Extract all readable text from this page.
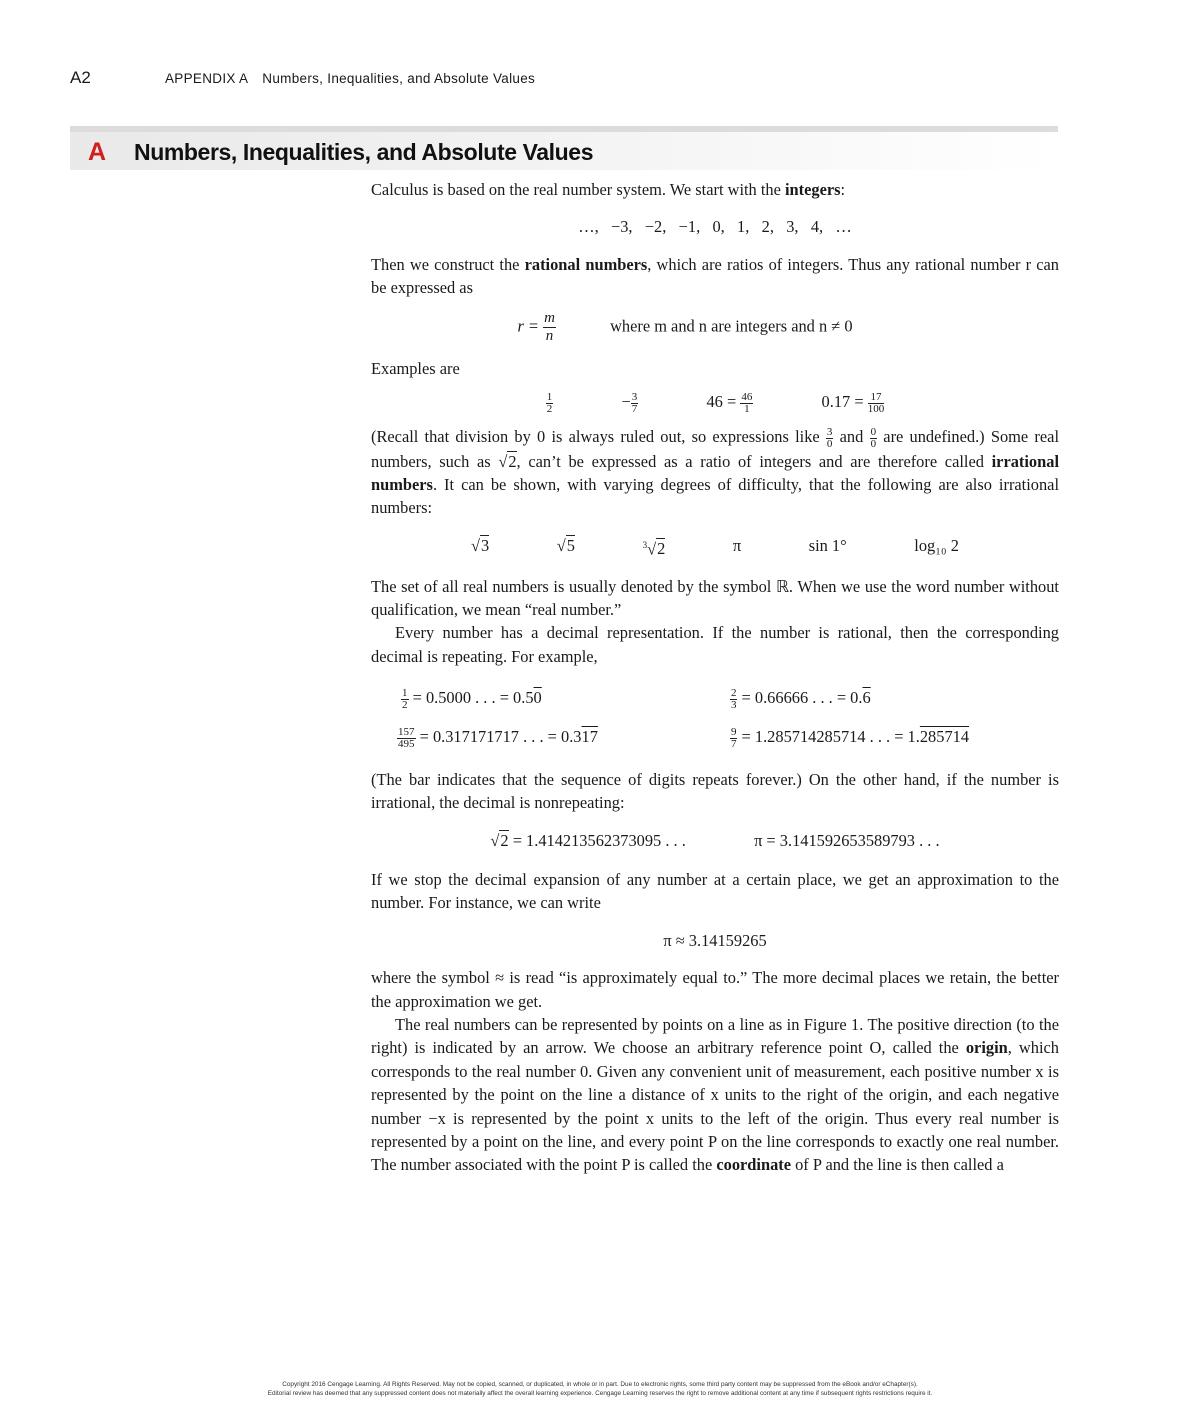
A2	APPENDIX A Numbers, Inequalities, and Absolute Values
A Numbers, Inequalities, and Absolute Values

Calculus is based on the real number system. We start with the integers:

…,   −3,   −2,   −1,   0,   1,   2,   3,   4,   …

Then we construct the rational numbers, which are ratios of integers. Thus any rational number r can be expressed as

$r = \frac{m}{n}$	where m and n are integers and n ≠ 0

Examples are

$\frac{1}{2}$	− $\frac{3}{7}$	$46 = \frac{46}{1}$	$0.17 = \frac{17}{100}$

(Recall that division by 0 is always ruled out, so expressions like $\frac{3}{0}$ and $\frac{0}{0}$ are undefined.) Some real numbers, such as √2, can’t be expressed as a ratio of integers and are therefore called irrational numbers. It can be shown, with varying degrees of difficulty, that the following are also irrational numbers:

√3	√5	$^3$√2	π	sin 1°	log₁₀ 2

The set of all real numbers is usually denoted by the symbol ℝ. When we use the word number without qualification, we mean “real number.”

Every number has a decimal representation. If the number is rational, then the corresponding decimal is repeating. For example,

$\frac{1}{2} = 0.5000$ . . . = 0.50	$\frac{2}{3} = 0.66666$ . . . = 0.6
$\frac{157}{495} = 0.317171717$ . . . = 0.317	$\frac{9}{7} = 1.285714285714$ . . . = 1.285714

(The bar indicates that the sequence of digits repeats forever.) On the other hand, if the number is irrational, the decimal is nonrepeating:

√2 = 1.414213562373095 . . .	π = 3.141592653589793 . . .

If we stop the decimal expansion of any number at a certain place, we get an approximation to the number. For instance, we can write

π ≈ 3.14159265

where the symbol ≈ is read “is approximately equal to.” The more decimal places we retain, the better the approximation we get.

The real numbers can be represented by points on a line as in Figure 1. The positive direction (to the right) is indicated by an arrow. We choose an arbitrary reference point O, called the origin, which corresponds to the real number 0. Given any convenient unit of measurement, each positive number x is represented by the point on the line a distance of x units to the right of the origin, and each negative number −x is represented by the point x units to the left of the origin. Thus every real number is represented by a point on the line, and every point P on the line corresponds to exactly one real number. The number associated with the point P is called the coordinate of P and the line is then called a

Copyright 2016 Cengage Learning. All Rights Reserved. May not be copied, scanned, or duplicated, in whole or in part. Due to electronic rights, some third party content may be suppressed from the eBook and/or eChapter(s).
Editorial review has deemed that any suppressed content does not materially affect the overall learning experience. Cengage Learning reserves the right to remove additional content at any time if subsequent rights restrictions require it.
